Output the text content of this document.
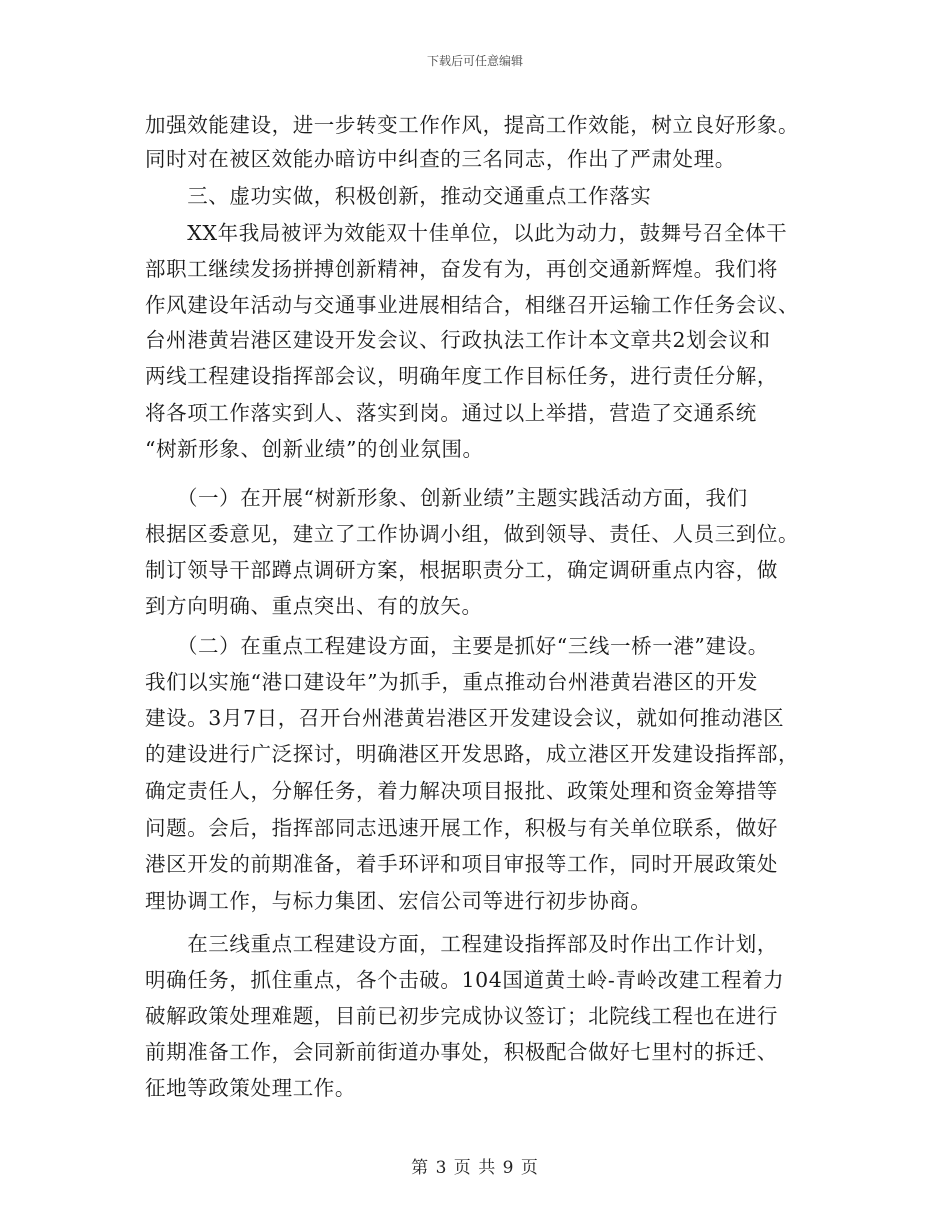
下载后可任意编辑
加强效能建设，进一步转变工作作风，提高工作效能，树立良好形象。
同时对在被区效能办暗访中纠查的三名同志，作出了严肃处理。
　　三、虚功实做，积极创新，推动交通重点工作落实
　　XX年我局被评为效能双十佳单位，以此为动力，鼓舞号召全体干
部职工继续发扬拼搏创新精神，奋发有为，再创交通新辉煌。我们将
作风建设年活动与交通事业进展相结合，相继召开运输工作任务会议、
台州港黄岩港区建设开发会议、行政执法工作计本文章共2划会议和
两线工程建设指挥部会议，明确年度工作目标任务，进行责任分解，
将各项工作落实到人、落实到岗。通过以上举措，营造了交通系统
“树新形象、创新业绩”的创业氛围。
　　（一）在开展“树新形象、创新业绩”主题实践活动方面，我们
根据区委意见，建立了工作协调小组，做到领导、责任、人员三到位。
制订领导干部蹲点调研方案，根据职责分工，确定调研重点内容，做
到方向明确、重点突出、有的放矢。
　　（二）在重点工程建设方面，主要是抓好“三线一桥一港”建设。
我们以实施“港口建设年”为抓手，重点推动台州港黄岩港区的开发
建设。3月7日，召开台州港黄岩港区开发建设会议，就如何推动港区
的建设进行广泛探讨，明确港区开发思路，成立港区开发建设指挥部，
确定责任人，分解任务，着力解决项目报批、政策处理和资金筹措等
问题。会后，指挥部同志迅速开展工作，积极与有关单位联系，做好
港区开发的前期准备，着手环评和项目审报等工作，同时开展政策处
理协调工作，与标力集团、宏信公司等进行初步协商。
　　在三线重点工程建设方面，工程建设指挥部及时作出工作计划，
明确任务，抓住重点，各个击破。104国道黄土岭-青岭改建工程着力
破解政策处理难题，目前已初步完成协议签订；北院线工程也在进行
前期准备工作，会同新前街道办事处，积极配合做好七里村的拆迁、
征地等政策处理工作。
第 3 页 共 9 页
